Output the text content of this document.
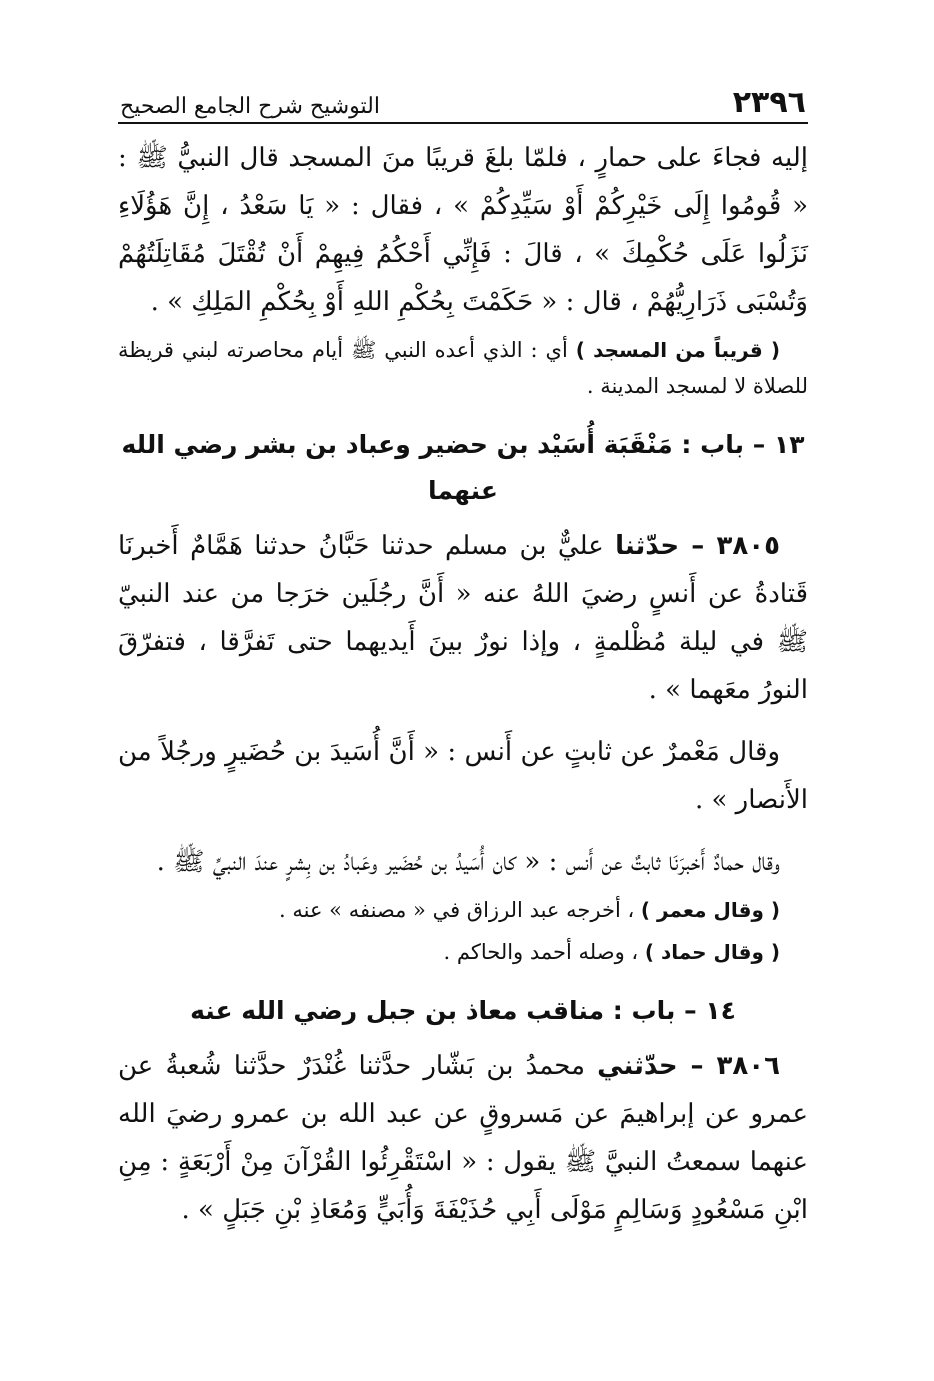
٢٣٩٦
التوشيح شرح الجامع الصحيح

إليه فجاءَ على حمارٍ ، فلمّا بلغَ قريبًا منَ المسجد قال النبيُّ ﷺ : « قُومُوا إِلَى خَيْرِكُمْ أَوْ سَيِّدِكُمْ » ، فقال : « يَا سَعْدُ ، إِنَّ هَؤُلَاءِ نَزَلُوا عَلَى حُكْمِكَ » ، قالَ : فَإِنِّي أَحْكُمُ فِيهِمْ أَنْ تُقْتَلَ مُقَاتِلَتُهُمْ وَتُسْبَى ذَرَارِيُّهُمْ ، قال : « حَكَمْتَ بِحُكْمِ اللهِ أَوْ بِحُكْمِ المَلِكِ » .

( قريباً من المسجد ) أي : الذي أعده النبي ﷺ أيام محاصرته لبني قريظة للصلاة لا لمسجد المدينة .

١٣ – باب : مَنْقَبَة أُسَيْد بن حضير وعباد بن بشر رضي الله عنهما

٣٨٠٥ – حدّثنا عليٌّ بن مسلم حدثنا حَبَّانُ حدثنا هَمَّامٌ أَخبرنَا قَتادةُ عن أَنسٍ رضيَ اللهُ عنه « أَنَّ رجُلَين خرَجا من عند النبيّ ﷺ في ليلة مُظْلمةٍ ، وإذا نورٌ بينَ أَيديهما حتى تَفرَّقا ، فتفرّقَ النورُ معَهما » .

وقال مَعْمرٌ عن ثابتٍ عن أَنس : « أَنَّ أُسَيدَ بن حُضَيرٍ ورجُلاً من الأَنصار » .

وقال حمادٌ أَخبرَنَا ثابتٌ عن أَنس : « كان أُسَيدُ بن حُضَير وعَبادُ بن بِشرٍ عندَ النبيِّ ﷺ .

( وقال معمر ) ، أخرجه عبد الرزاق في « مصنفه » عنه .

( وقال حماد ) ، وصله أحمد والحاكم .

١٤ – باب : مناقب معاذ بن جبل رضي الله عنه

٣٨٠٦ – حدّثني محمدُ بن بَشّار حدَّثنا غُنْدَرٌ حدَّثنا شُعبةُ عن عمرو عن إبراهيمَ عن مَسروقٍ عن عبد الله بن عمرو رضيَ الله عنهما سمعتُ النبيَّ ﷺ يقول : « اسْتَقْرِئُوا القُرْآنَ مِنْ أَرْبَعَةٍ : مِنِ ابْنِ مَسْعُودٍ وَسَالِمٍ مَوْلَى أَبِي حُذَيْفَةَ وَأُبَيٍّ وَمُعَاذِ بْنِ جَبَلٍ » .
